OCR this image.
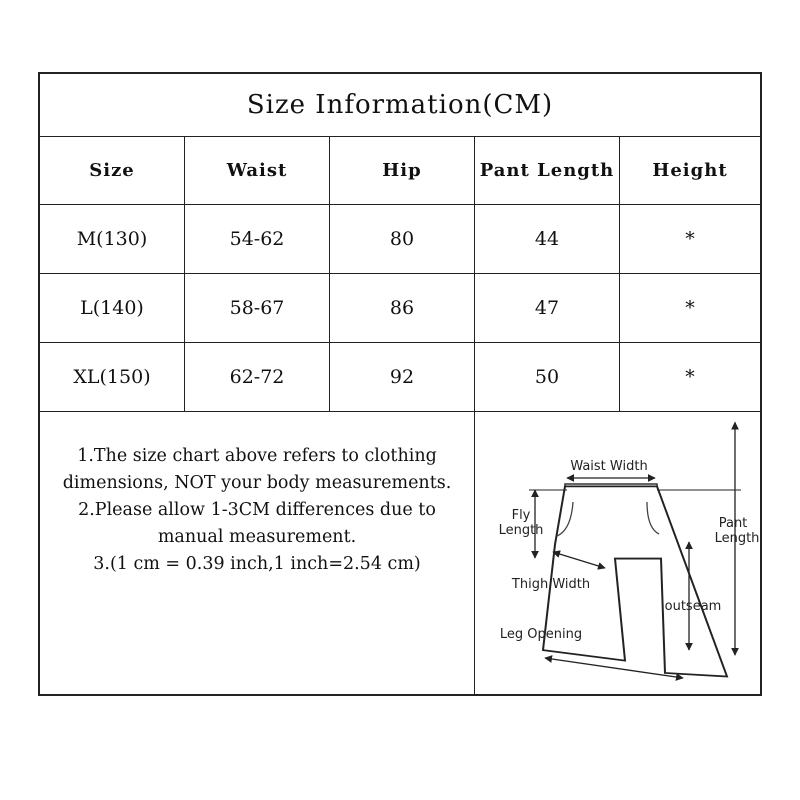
Size Information(CM)
Size	Waist	Hip	Pant Length	Height
M(130)	54-62	80	44	*
L(140)	58-67	86	47	*
XL(150)	62-72	92	50	*
1.The size chart above refers to clothing dimensions, NOT your body measurements.
2.Please allow 1-3CM differences due to manual measurement.
3.(1 cm = 0.39 inch,1 inch=2.54 cm)
Waist Width
Fly
Length	Pant
Length
Thigh Width
outseam
Leg Opening
